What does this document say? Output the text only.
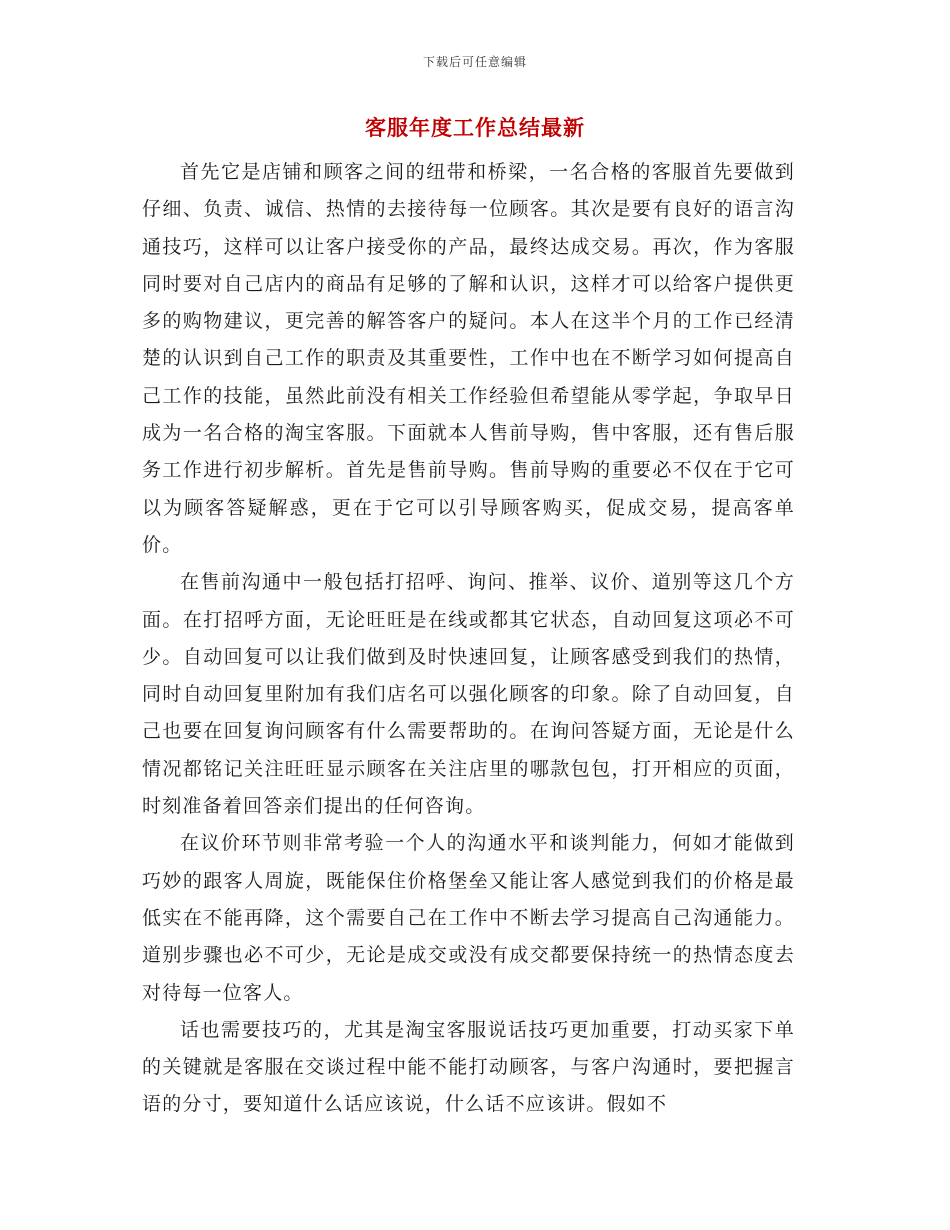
下载后可任意编辑
客服年度工作总结最新

首先它是店铺和顾客之间的纽带和桥梁，一名合格的客服首先要做到仔细、负责、诚信、热情的去接待每一位顾客。其次是要有良好的语言沟通技巧，这样可以让客户接受你的产品，最终达成交易。再次，作为客服同时要对自己店内的商品有足够的了解和认识，这样才可以给客户提供更多的购物建议，更完善的解答客户的疑问。本人在这半个月的工作已经清楚的认识到自己工作的职责及其重要性，工作中也在不断学习如何提高自己工作的技能，虽然此前没有相关工作经验但希望能从零学起，争取早日成为一名合格的淘宝客服。下面就本人售前导购，售中客服，还有售后服务工作进行初步解析。首先是售前导购。售前导购的重要必不仅在于它可以为顾客答疑解惑，更在于它可以引导顾客购买，促成交易，提高客单价。

在售前沟通中一般包括打招呼、询问、推举、议价、道别等这几个方面。在打招呼方面，无论旺旺是在线或都其它状态，自动回复这项必不可少。自动回复可以让我们做到及时快速回复，让顾客感受到我们的热情，同时自动回复里附加有我们店名可以强化顾客的印象。除了自动回复，自己也要在回复询问顾客有什么需要帮助的。在询问答疑方面，无论是什么情况都铭记关注旺旺显示顾客在关注店里的哪款包包，打开相应的页面，时刻准备着回答亲们提出的任何咨询。

在议价环节则非常考验一个人的沟通水平和谈判能力，何如才能做到巧妙的跟客人周旋，既能保住价格堡垒又能让客人感觉到我们的价格是最低实在不能再降，这个需要自己在工作中不断去学习提高自己沟通能力。道别步骤也必不可少，无论是成交或没有成交都要保持统一的热情态度去对待每一位客人。

话也需要技巧的，尤其是淘宝客服说话技巧更加重要，打动买家下单的关键就是客服在交谈过程中能不能打动顾客，与客户沟通时，要把握言语的分寸，要知道什么话应该说，什么话不应该讲。假如不
